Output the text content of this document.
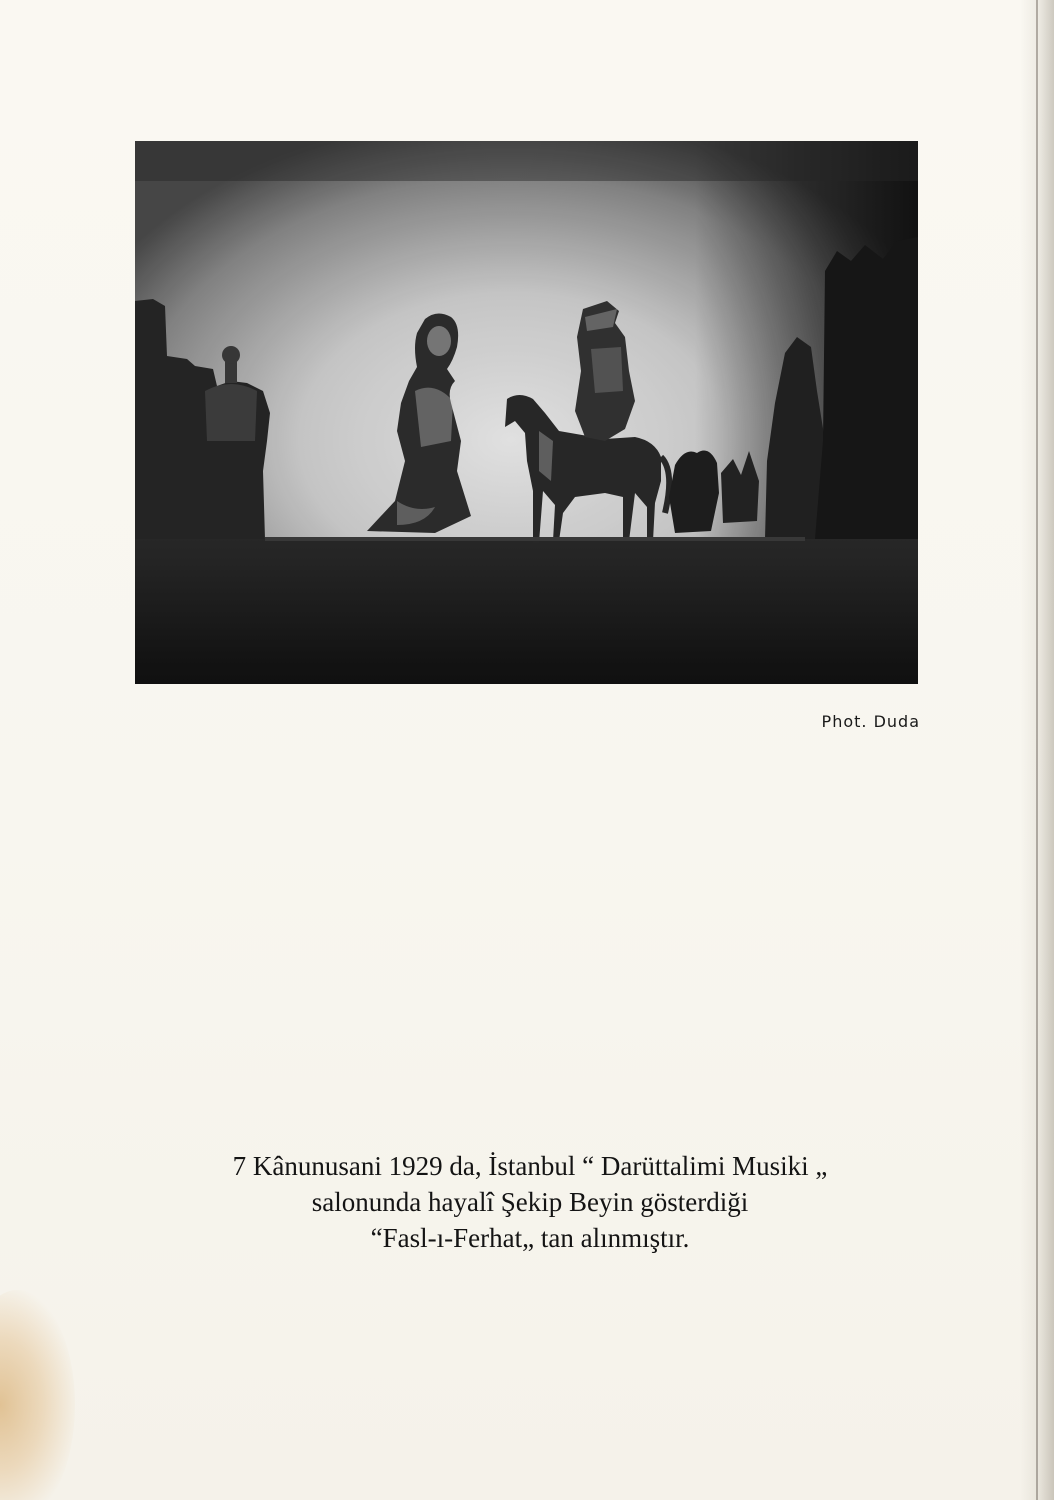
Phot. Duda
7 Kânunusani 1929 da, İstanbul “ Darüttalimi Musiki „
salonunda hayalî Şekip Beyin gösterdiği
“Fasl-ı-Ferhat„ tan alınmıştır.
